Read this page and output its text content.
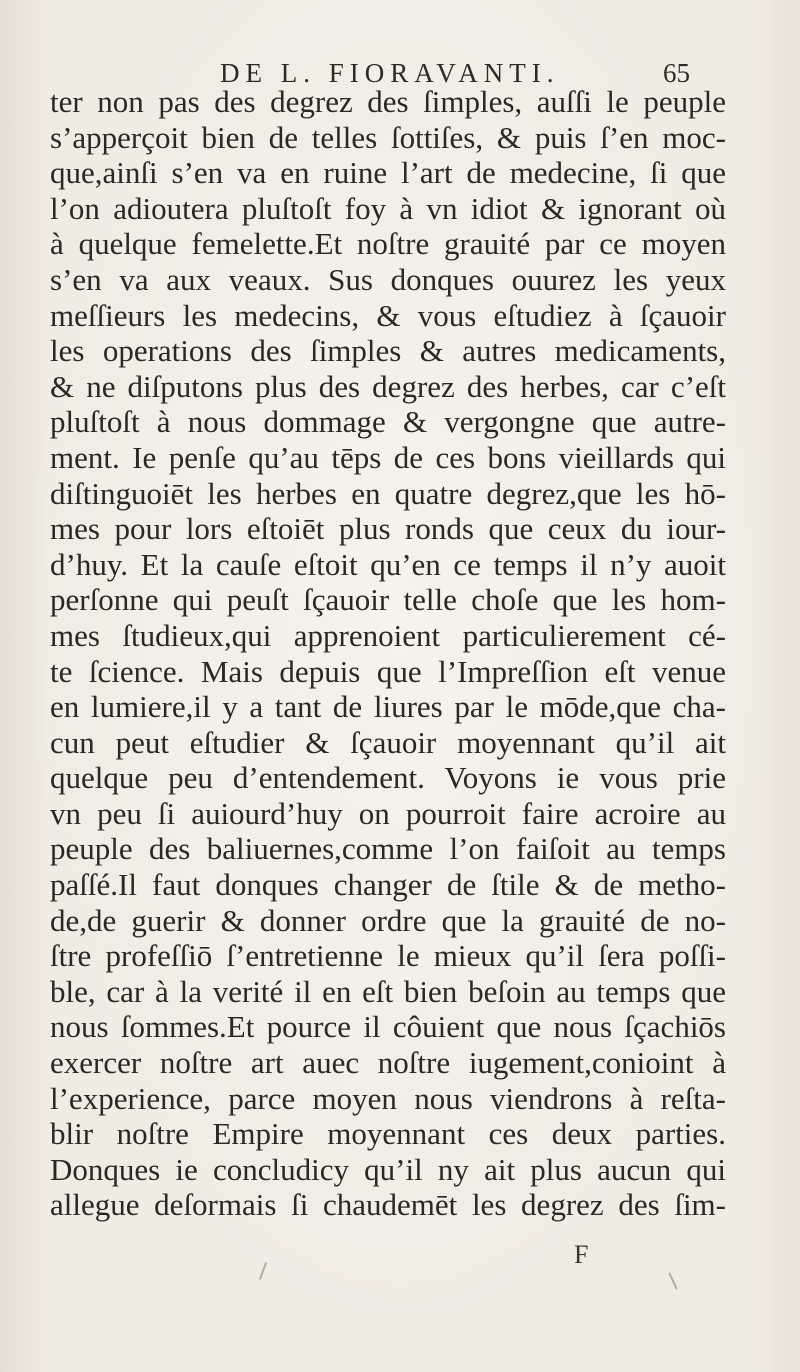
DE L. FIORAVANTI.	65
ter non pas des degrez des ſimples, auſſi le peuple
s’apperçoit bien de telles ſottiſes, & puis ſ’en moc-
que,ainſi s’en va en ruine l’art de medecine, ſi que
l’on adioutera pluſtoſt foy à vn idiot & ignorant où
à quelque femelette.Et noſtre grauité par ce moyen
s’en va aux veaux. Sus donques ouurez les yeux
meſſieurs les medecins, & vous eſtudiez à ſçauoir
les operations des ſimples & autres medicaments,
& ne diſputons plus des degrez des herbes, car c’eſt
pluſtoſt à nous dommage & vergongne que autre-
ment. Ie penſe qu’au tēps de ces bons vieillards qui
diſtinguoiēt les herbes en quatre degrez,que les hō-
mes pour lors eſtoiēt plus ronds que ceux du iour-
d’huy. Et la cauſe eſtoit qu’en ce temps il n’y auoit
perſonne qui peuſt ſçauoir telle choſe que les hom-
mes ſtudieux,qui apprenoient particulierement cé-
te ſcience. Mais depuis que l’Impreſſion eſt venue
en lumiere,il y a tant de liures par le mōde,que cha-
cun peut eſtudier & ſçauoir moyennant qu’il ait
quelque peu d’entendement. Voyons ie vous prie
vn peu ſi auiourd’huy on pourroit faire acroire au
peuple des baliuernes,comme l’on faiſoit au temps
paſſé.Il faut donques changer de ſtile & de metho-
de,de guerir & donner ordre que la grauité de no-
ſtre profeſſiō ſ’entretienne le mieux qu’il ſera poſſi-
ble, car à la verité il en eſt bien beſoin au temps que
nous ſommes.Et pource il côuient que nous ſçachiōs
exercer noſtre art auec noſtre iugement,conioint à
l’experience, parce moyen nous viendrons à reſta-
blir noſtre Empire moyennant ces deux parties.
Donques ie concludicy qu’il ny ait plus aucun qui
allegue deſormais ſi chaudemēt les degrez des ſim-
F
